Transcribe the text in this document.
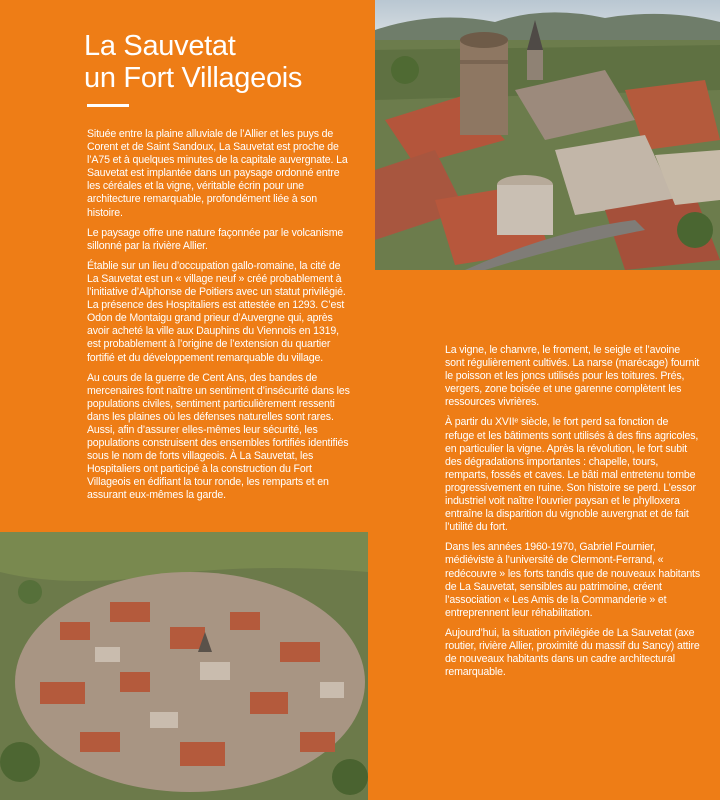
La Sauvetat
un Fort Villageois

Située entre la plaine alluviale de l’Allier et les puys de Corent et de Saint Sandoux, La Sauvetat est proche de l’A75 et à quelques minutes de la capitale auvergnate. La Sauvetat est implantée dans un paysage ordonné entre les céréales et la vigne, véritable écrin pour une architecture remarquable, profondément liée à son histoire.

Le paysage offre une nature façonnée par le volcanisme sillonné par la rivière Allier.

Établie sur un lieu d’occupation gallo-romaine, la cité de La Sauvetat est un « village neuf » créé probablement à l’initiative d’Alphonse de Poitiers avec un statut privilégié. La présence des Hospitaliers est attestée en 1293. C’est Odon de Montaigu grand prieur d’Auvergne qui, après avoir acheté la ville aux Dauphins du Viennois en 1319, est probablement à l’origine de l’extension du quartier fortifié et du développement remarquable du village.

Au cours de la guerre de Cent Ans, des bandes de mercenaires font naître un sentiment d’insécurité dans les populations civiles, sentiment particulièrement ressenti dans les plaines où les défenses naturelles sont rares. Aussi, afin d’assurer elles-mêmes leur sécurité, les populations construisent des ensembles fortifiés identifiés sous le nom de forts villageois. À La Sauvetat, les Hospitaliers ont participé à la construction du Fort Villageois en édifiant la tour ronde, les remparts et en assurant eux-mêmes la garde.

La vigne, le chanvre, le froment, le seigle et l’avoine sont régulièrement cultivés. La narse (marécage) fournit le poisson et les joncs utilisés pour les toitures. Prés, vergers, zone boisée et une garenne complètent les ressources vivrières.

À partir du XVIIᵉ siècle, le fort perd sa fonction de refuge et les bâtiments sont utilisés à des fins agricoles, en particulier la vigne. Après la révolution, le fort subit des dégradations importantes : chapelle, tours, remparts, fossés et caves. Le bâti mal entretenu tombe progressivement en ruine. Son histoire se perd. L’essor industriel voit naître l’ouvrier paysan et le phylloxera entraîne la disparition du vignoble auvergnat et de fait l’utilité du fort.

Dans les années 1960-1970, Gabriel Fournier, médiéviste à l’université de Clermont-Ferrand, « redécouvre » les forts tandis que de nouveaux habitants de La Sauvetat, sensibles au patrimoine, créent l’association « Les Amis de la Commanderie » et entreprennent leur réhabilitation.

Aujourd’hui, la situation privilégiée de La Sauvetat (axe routier, rivière Allier, proximité du massif du Sancy) attire de nouveaux habitants dans un cadre architectural remarquable.
